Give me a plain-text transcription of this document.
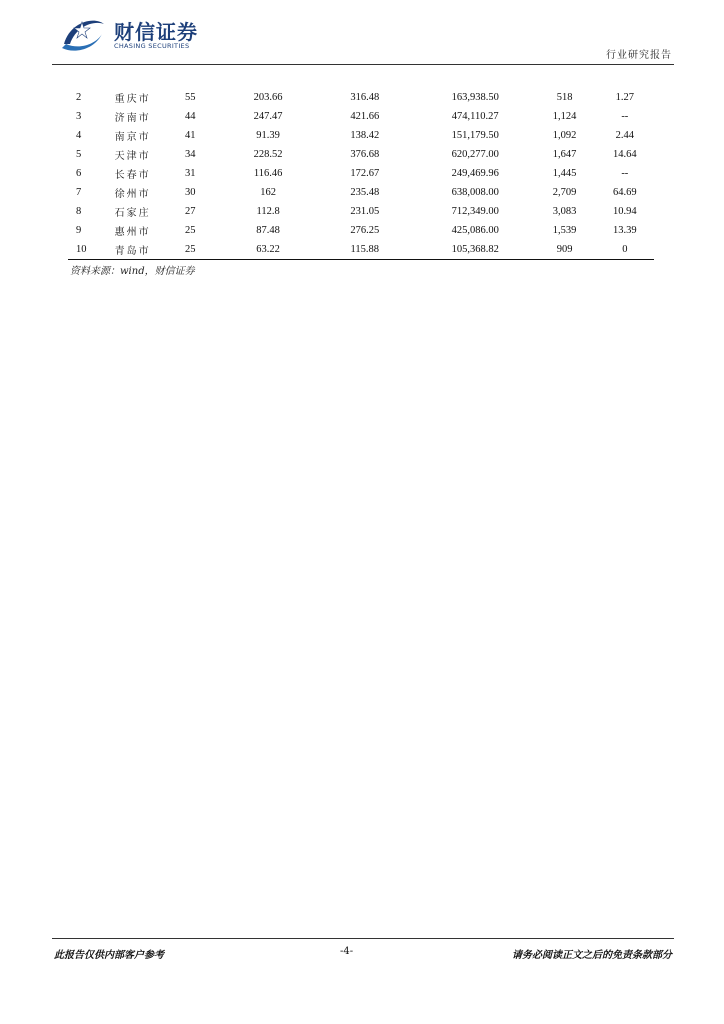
财信证券
CHASING SECURITIES
行业研究报告
2	重庆市	55	203.66	316.48	163,938.50	518	1.27
3	济南市	44	247.47	421.66	474,110.27	1,124	--
4	南京市	41	91.39	138.42	151,179.50	1,092	2.44
5	天津市	34	228.52	376.68	620,277.00	1,647	14.64
6	长春市	31	116.46	172.67	249,469.96	1,445	--
7	徐州市	30	162	235.48	638,008.00	2,709	64.69
8	石家庄	27	112.8	231.05	712,349.00	3,083	10.94
9	惠州市	25	87.48	276.25	425,086.00	1,539	13.39
10	青岛市	25	63.22	115.88	105,368.82	909	0
资料来源：wind，财信证券
此报告仅供内部客户参考	-4-	请务必阅读正文之后的免责条款部分
